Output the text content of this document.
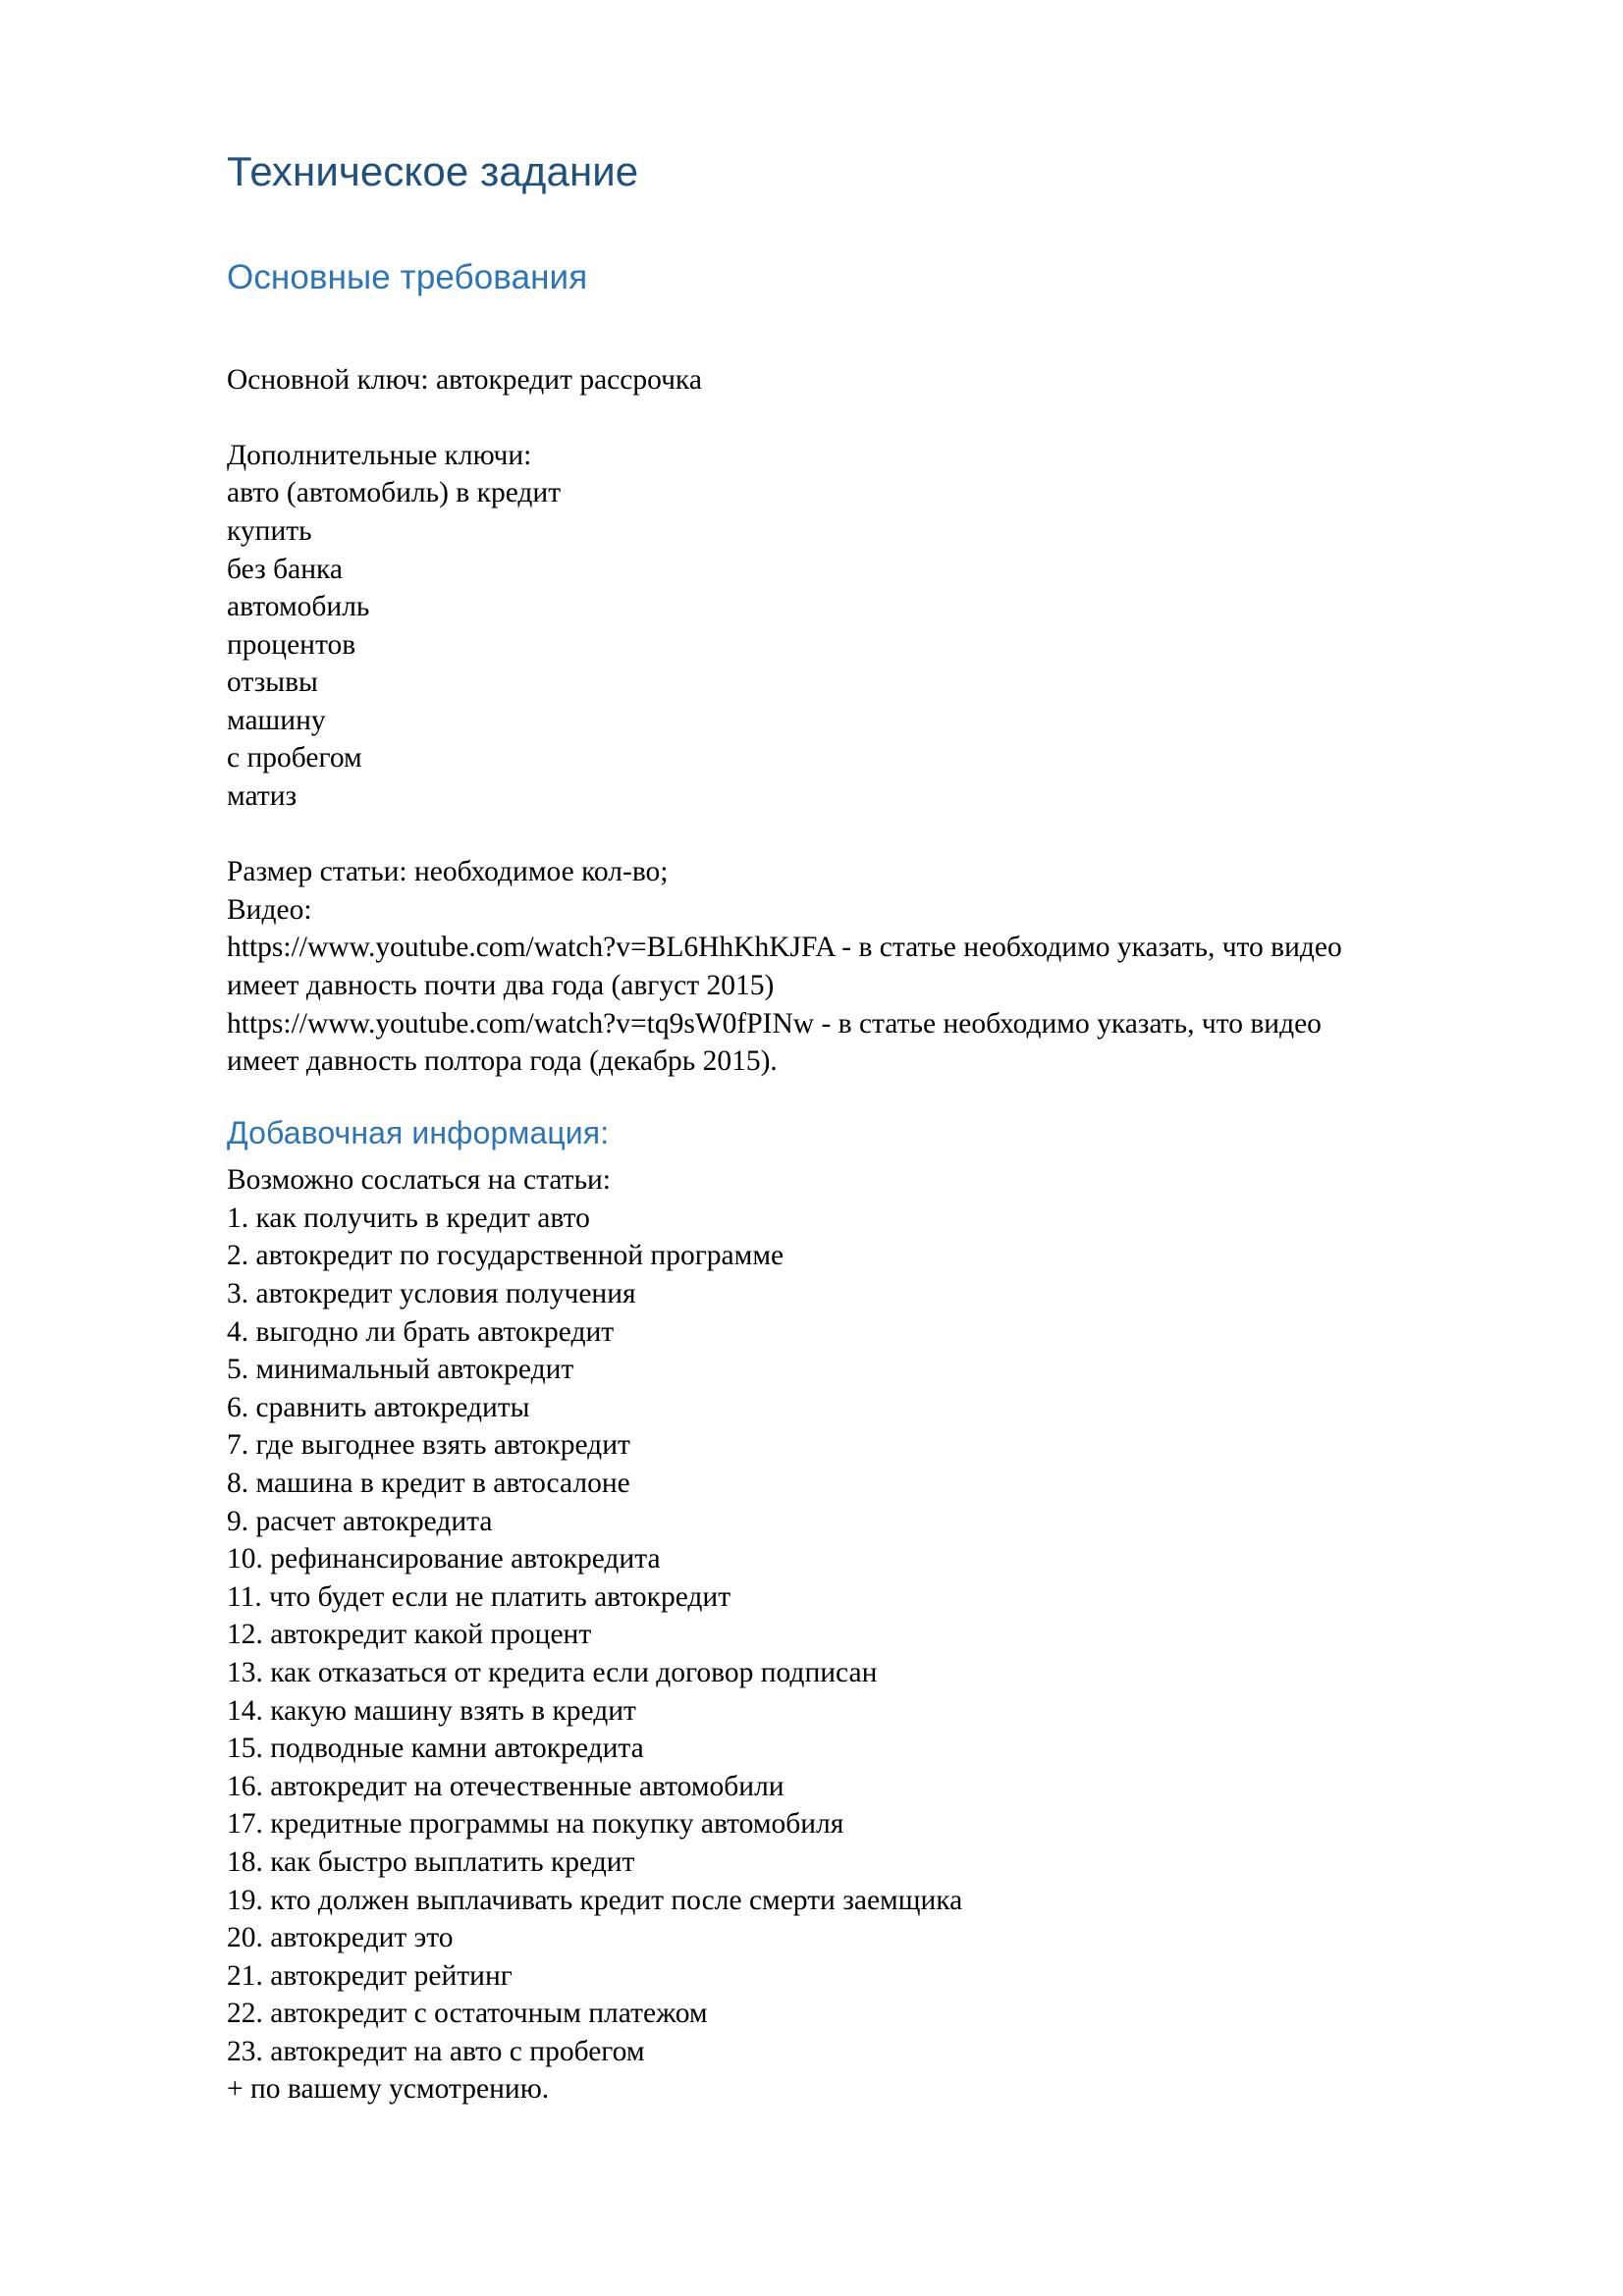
Техническое задание
Основные требования

Основной ключ: автокредит рассрочка

Дополнительные ключи:

авто (автомобиль) в кредит

купить

без банка

автомобиль

процентов

отзывы

машину

с пробегом

матиз

Размер статьи: необходимое кол-во;

Видео:

https://www.youtube.com/watch?v=BL6HhKhKJFA - в статье необходимо указать, что видео

имеет давность почти два года (август 2015)

https://www.youtube.com/watch?v=tq9sW0fPINw - в статье необходимо указать, что видео

имеет давность полтора года (декабрь 2015).

Добавочная информация:

Возможно сослаться на статьи:

1. как получить в кредит авто

2. автокредит по государственной программе

3. автокредит условия получения

4. выгодно ли брать автокредит

5. минимальный автокредит

6. сравнить автокредиты

7. где выгоднее взять автокредит

8. машина в кредит в автосалоне

9. расчет автокредита

10. рефинансирование автокредита

11. что будет если не платить автокредит

12. автокредит какой процент

13. как отказаться от кредита если договор подписан

14. какую машину взять в кредит

15. подводные камни автокредита

16. автокредит на отечественные автомобили

17. кредитные программы на покупку автомобиля

18. как быстро выплатить кредит

19. кто должен выплачивать кредит после смерти заемщика

20. автокредит это

21. автокредит рейтинг

22. автокредит с остаточным платежом

23. автокредит на авто с пробегом

+ по вашему усмотрению.
